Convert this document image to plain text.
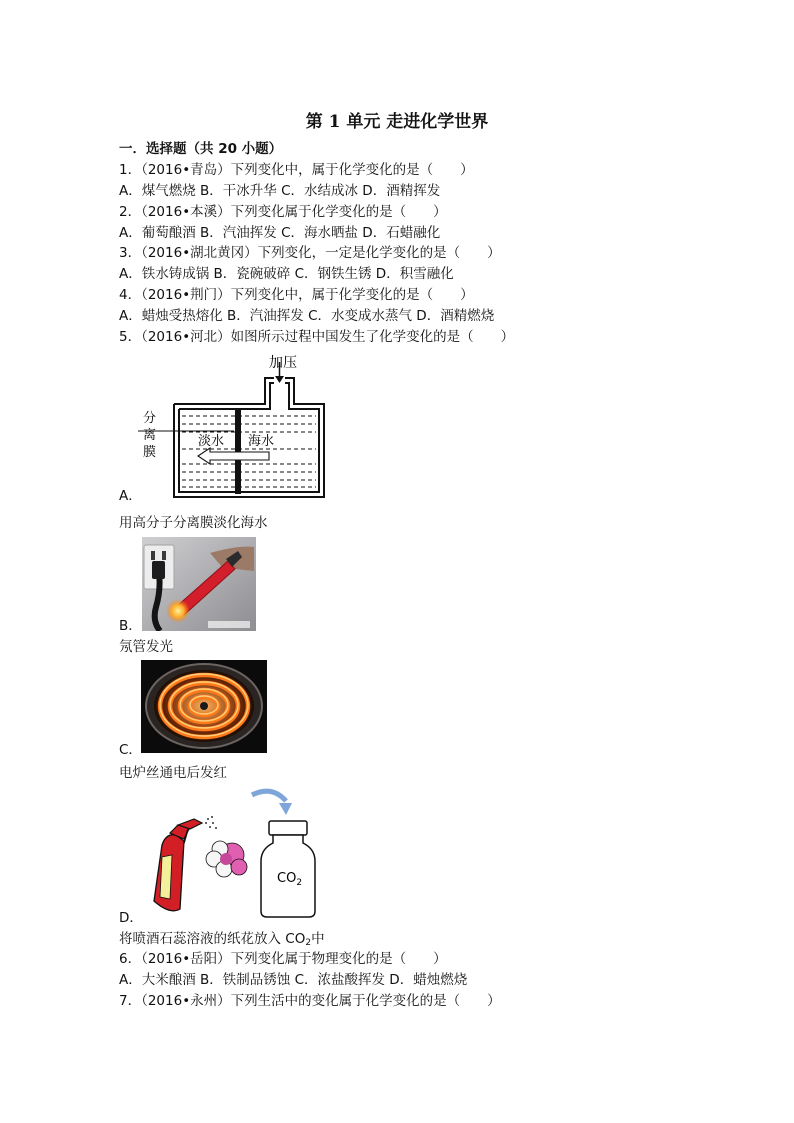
第 1 单元 走进化学世界
一．选择题（共 20 小题）
1．（2016•青岛）下列变化中，属于化学变化的是（　　）
A．煤气燃烧 B．干冰升华 C．水结成冰 D．酒精挥发
2．（2016•本溪）下列变化属于化学变化的是（　　）
A．葡萄酿酒 B．汽油挥发 C．海水晒盐 D．石蜡融化
3．（2016•湖北黄冈）下列变化，一定是化学变化的是（　　）
A．铁水铸成锅 B．瓷碗破碎 C．钢铁生锈 D．积雪融化
4．（2016•荆门）下列变化中，属于化学变化的是（　　）
A．蜡烛受热熔化 B．汽油挥发 C．水变成水蒸气 D．酒精燃烧
5．（2016•河北）如图所示过程中国发生了化学变化的是（　　）
加压
分
离
膜
淡水 海水
A．
用高分子分离膜淡化海水
B．
氖管发光
C．
电炉丝通电后发红
$CO_2$
D．
将喷酒石蕊溶液的纸花放入 $CO_2$中
6．（2016•岳阳）下列变化属于物理变化的是（　　）
A．大米酿酒 B．铁制品锈蚀 C．浓盐酸挥发 D．蜡烛燃烧
7．（2016•永州）下列生活中的变化属于化学变化的是（　　）
